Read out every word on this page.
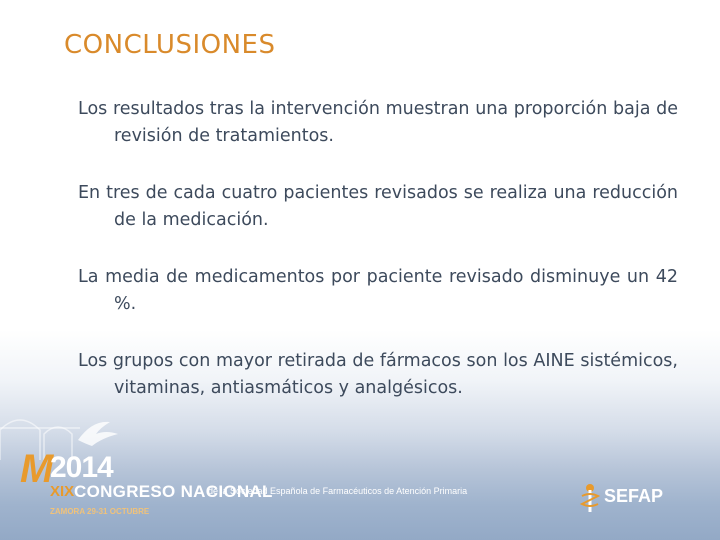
CONCLUSIONES

Los resultados tras la intervención muestran una proporción baja de revisión de tratamientos.

En tres de cada cuatro pacientes revisados se realiza una reducción de la medicación.

La media de medicamentos por paciente revisado disminuye un 42 %.

Los grupos con mayor retirada de fármacos son los AINE sistémicos, vitaminas, antiasmáticos y analgésicos.

M
2014
XIX CONGRESO NACIONAL
de la Sociedad Española de Farmacéuticos de Atención Primaria
ZAMORA 29-31 OCTUBRE
SEFAP
